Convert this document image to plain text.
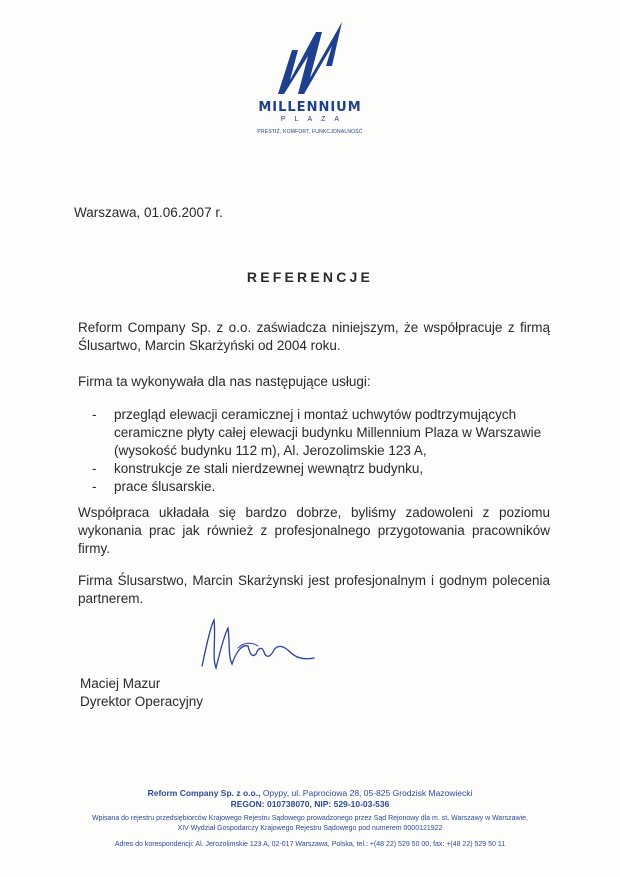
MILLENNIUM
PLAZA
PRESTIŻ, KOMFORT, FUNKCJONALNOŚĆ
Warszawa, 01.06.2007 r.
REFERENCJE
Reform Company Sp. z o.o. zaświadcza niniejszym, że współpracuje z firmą Ślusartwo, Marcin Skarżyński od 2004 roku.
Firma ta wykonywała dla nas następujące usługi:
- przegląd elewacji ceramicznej i montaż uchwytów podtrzymujących ceramiczne płyty całej elewacji budynku Millennium Plaza w Warszawie (wysokość budynku 112 m), Al. Jerozolimskie 123 A,
- konstrukcje ze stali nierdzewnej wewnątrz budynku,
- prace ślusarskie.
Współpraca układała się bardzo dobrze, byliśmy zadowoleni z poziomu wykonania prac jak również z profesjonalnego przygotowania pracowników firmy.
Firma Ślusarstwo, Marcin Skarżynski jest profesjonalnym i godnym polecenia partnerem.
Maciej Mazur
Dyrektor Operacyjny
Reform Company Sp. z o.o., Opypy, ul. Paprociowa 28, 05-825 Grodzisk Mazowiecki
REGON: 010738070, NIP: 529-10-03-536
Wpisana do rejestru przedsiębiorców Krajowego Rejestru Sądowego prowadzonego przez Sąd Rejonowy dla m. st. Warszawy w Warszawie,
XIV Wydział Gospodarczy Krajowego Rejestru Sądowego pod numerem 0000121922
Adres do korespondencji: Al. Jerozolimskie 123 A, 02-017 Warszawa, Polska, tel.: +(48 22) 529 50 00, fax: +(48 22) 529 50 11
